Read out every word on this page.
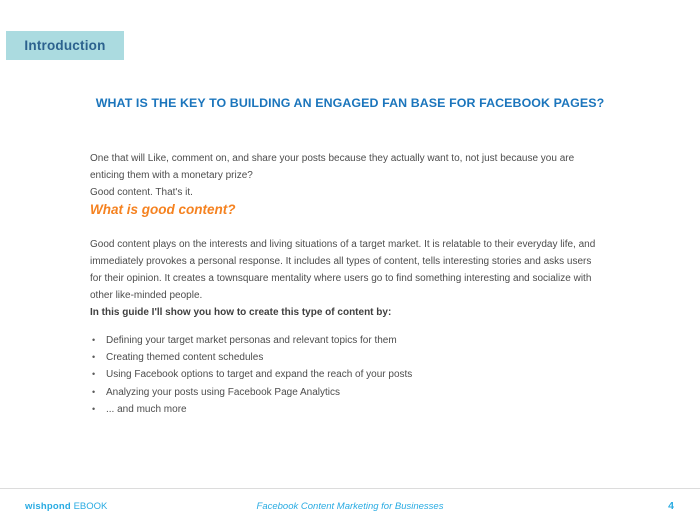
Introduction
WHAT IS THE KEY TO BUILDING AN ENGAGED FAN BASE FOR FACEBOOK PAGES?

One that will Like, comment on, and share your posts because they actually want to, not just because you are enticing them with a monetary prize?

Good content. That's it.

What is good content?

Good content plays on the interests and living situations of a target market. It is relatable to their everyday life, and immediately provokes a personal response. It includes all types of content, tells interesting stories and asks users for their opinion. It creates a townsquare mentality where users go to find something interesting and socialize with other like-minded people.

In this guide I'll show you how to create this type of content by:

• Defining your target market personas and relevant topics for them
• Creating themed content schedules
• Using Facebook options to target and expand the reach of your posts
• Analyzing your posts using Facebook Page Analytics
• ... and much more
wishpond EBOOK	Facebook Content Marketing for Businesses	4
